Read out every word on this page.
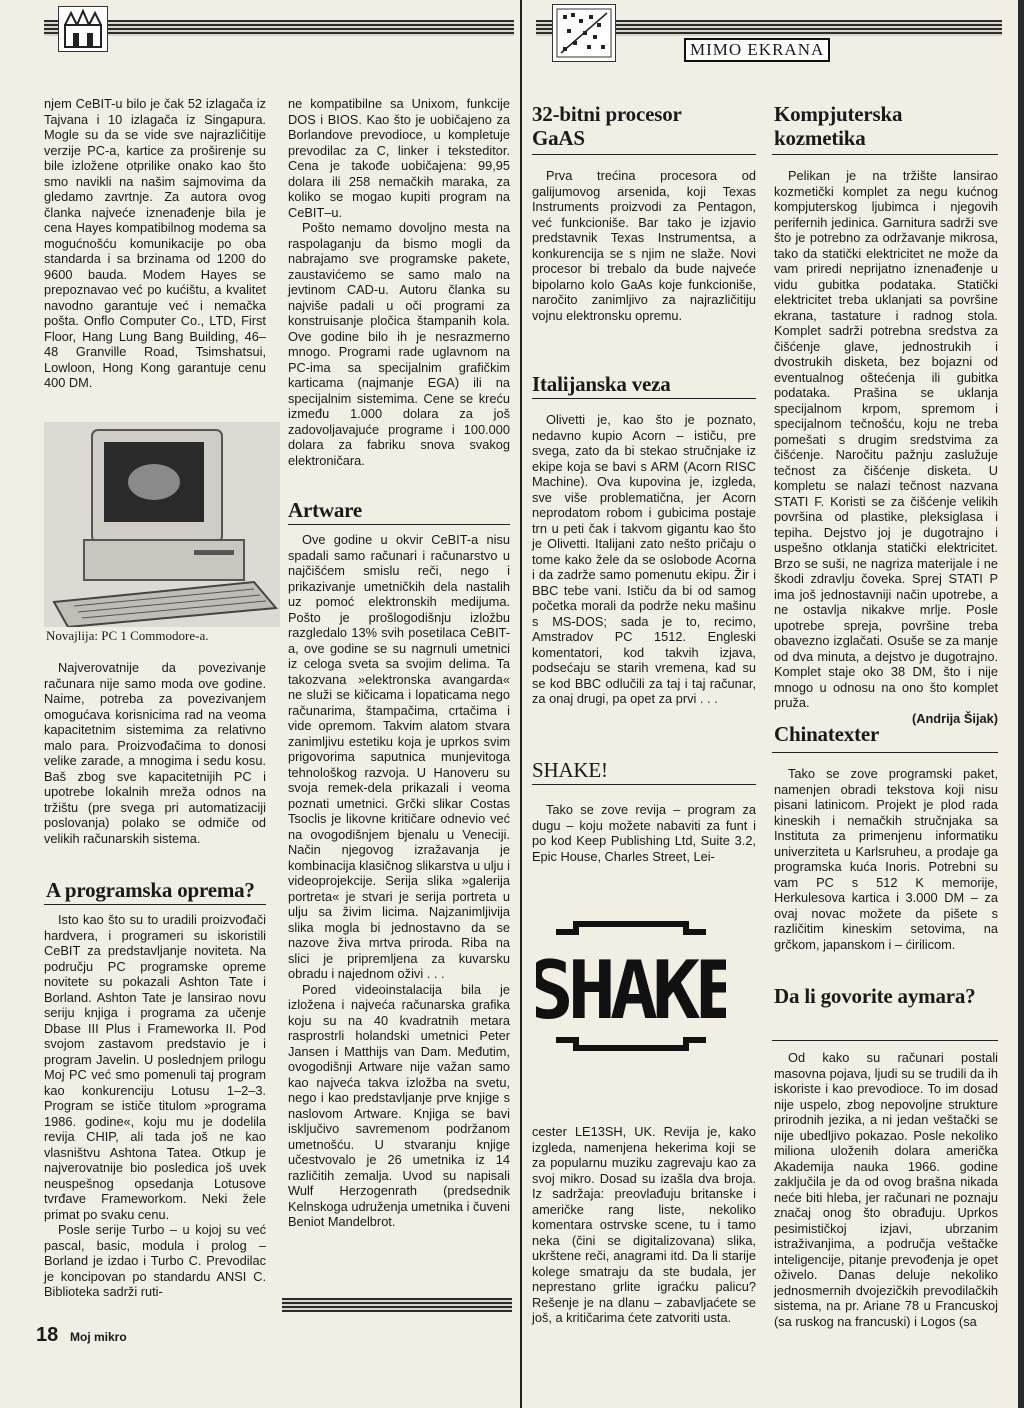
MIMO EKRANA

njem CeBIT-u bilo je čak 52 izlagača iz Tajvana i 10 izlagača iz Singapura. Mogle su da se vide sve najrazličitije verzije PC-a, kartice za proširenje su bile izložene otprilike onako kao što smo navikli na našim sajmovima da gledamo zavrtnje. Za autora ovog članka najveće iznenađenje bila je cena Hayes kompatibilnog modema sa mogućnošću komunikacije po oba standarda i sa brzinama od 1200 do 9600 bauda. Modem Hayes se prepoznavao već po kućištu, a kvalitet navodno garantuje već i nemačka pošta. Onflo Computer Co., LTD, First Floor, Hang Lung Bang Building, 46–48 Granville Road, Tsimshatsui, Lowloon, Hong Kong garantuje cenu 400 DM.

Novajlija: PC 1 Commodore-a.

Najverovatnije da povezivanje računara nije samo moda ove godine. Naime, potreba za povezivanjem omogućava korisnicima rad na veoma kapacitetnim sistemima za relativno malo para. Proizvođačima to donosi velike zarade, a mnogima i sedu kosu. Baš zbog sve kapacitetnijih PC i upotrebe lokalnih mreža odnos na tržištu (pre svega pri automatizaciji poslovanja) polako se odmiče od velikih računarskih sistema.

A programska oprema?

Isto kao što su to uradili proizvođači hardvera, i programeri su iskoristili CeBIT za predstavljanje noviteta. Na području PC programske opreme novitete su pokazali Ashton Tate i Borland. Ashton Tate je lansirao novu seriju knjiga i programa za učenje Dbase III Plus i Frameworka II. Pod svojom zastavom predstavio je i program Javelin. U poslednjem prilogu Moj PC već smo pomenuli taj program kao konkurenciju Lotusu 1–2–3. Program se ističe titulom »programa 1986. godine«, koju mu je dodelila revija CHIP, ali tada još ne kao vlasništvu Ashtona Tatea. Otkup je najverovatnije bio posledica još uvek neuspešnog opsedanja Lotusove tvrđave Frameworkom. Neki žele primat po svaku cenu.

Posle serije Turbo – u kojoj su već pascal, basic, modula i prolog – Borland je izdao i Turbo C. Prevodilac je koncipovan po standardu ANSI C. Biblioteka sadrži ruti-

ne kompatibilne sa Unixom, funkcije DOS i BIOS. Kao što je uobičajeno za Borlandove prevodioce, u kompletuje prevodilac za C, linker i teksteditor. Cena je takođe uobičajena: 99,95 dolara ili 258 nemačkih maraka, za koliko se mogao kupiti program na CeBIT–u.

Pošto nemamo dovoljno mesta na raspolaganju da bismo mogli da nabrajamo sve programske pakete, zaustavićemo se samo malo na jevtinom CAD-u. Autoru članka su najviše padali u oči programi za konstruisanje pločica štampanih kola. Ove godine bilo ih je nesrazmerno mnogo. Programi rade uglavnom na PC-ima sa specijalnim grafičkim karticama (najmanje EGA) ili na specijalnim sistemima. Cene se kreću između 1.000 dolara za još zadovoljavajuće programe i 100.000 dolara za fabriku snova svakog elektroničara.

Artware

Ove godine u okvir CeBIT-a nisu spadali samo računari i računarstvo u najčišćem smislu reči, nego i prikazivanje umetničkih dela nastalih uz pomoć elektronskih medijuma. Pošto je prošlogodišnju izložbu razgledalo 13% svih posetilaca CeBIT-a, ove godine se su nagrnuli umetnici iz celoga sveta sa svojim delima. Ta takozvana »elektronska avangarda« ne služi se kičicama i lopaticama nego računarima, štampačima, crtačima i vide opremom. Takvim alatom stvara zanimljivu estetiku koja je uprkos svim prigovorima saputnica munjevitoga tehnološkog razvoja. U Hanoveru su svoja remek-dela prikazali i veoma poznati umetnici. Grčki slikar Costas Tsoclis je likovne kritičare odnevio već na ovogodišnjem bjenalu u Veneciji. Način njegovog izražavanja je kombinacija klasičnog slikarstva u ulju i videoprojekcije. Serija slika »galerija portreta« je stvari je serija portreta u ulju sa živim licima. Najzanimljivija slika mogla bi jednostavno da se nazove živa mrtva priroda. Riba na slici je pripremljena za kuvarsku obradu i najednom oživi . . .

Pored videoinstalacija bila je izložena i najveća računarska grafika koju su na 40 kvadratnih metara rasprostrli holandski umetnici Peter Jansen i Matthijs van Dam. Međutim, ovogodišnji Artware nije važan samo kao najveća takva izložba na svetu, nego i kao predstavljanje prve knjige s naslovom Artware. Knjiga se bavi isključivo savremenom podržanom umetnošću. U stvaranju knjige učestvovalo je 26 umetnika iz 14 različitih zemalja. Uvod su napisali Wulf Herzogenrath (predsednik Kelnskoga udruženja umetnika i čuveni Beniot Mandelbrot.

32-bitni procesor GaAS

Prva trećina procesora od galijumovog arsenida, koji Texas Instruments proizvodi za Pentagon, već funkcioniše. Bar tako je izjavio predstavnik Texas Instrumentsa, a konkurencija se s njim ne slaže. Novi procesor bi trebalo da bude najveće bipolarno kolo GaAs koje funkcioniše, naročito zanimljivo za najrazličitiju vojnu elektronsku opremu.

Italijanska veza

Olivetti je, kao što je poznato, nedavno kupio Acorn – ističu, pre svega, zato da bi stekao stručnjake iz ekipe koja se bavi s ARM (Acorn RISC Machine). Ova kupovina je, izgleda, sve više problematična, jer Acorn neprodatom robom i gubicima postaje trn u peti čak i takvom gigantu kao što je Olivetti. Italijani zato nešto pričaju o tome kako žele da se oslobode Acorna i da zadrže samo pomenutu ekipu. Žir i BBC tebe vani. Ističu da bi od samog početka morali da podrže neku mašinu s MS-DOS; sada je to, recimo, Amstradov PC 1512. Engleski komentatori, kod takvih izjava, podsećaju se starih vremena, kad su se kod BBC odlučili za taj i taj računar, za onaj drugi, pa opet za prvi . . .

SHAKE!

Tako se zove revija – program za dugu – koju možete nabaviti za funt i po kod Keep Publishing Ltd, Suite 3.2, Epic House, Charles Street, Lei-

SHAKE

cester LE13SH, UK. Revija je, kako izgleda, namenjena hekerima koji se za popularnu muziku zagrevaju kao za svoj mikro. Dosad su izašla dva broja. Iz sadržaja: preovlađuju britanske i američke rang liste, nekoliko komentara ostrvske scene, tu i tamo neka (čini se digitalizovana) slika, ukrštene reči, anagrami itd. Da li starije kolege smatraju da ste budala, jer neprestano grlite igraćku palicu? Rešenje je na dlanu – zabavljaćete se još, a kritičarima ćete zatvoriti usta.

Kompjuterska kozmetika

Pelikan je na tržište lansirao kozmetički komplet za negu kućnog kompjuterskog ljubimca i njegovih perifernih jedinica. Garnitura sadrži sve što je potrebno za održavanje mikrosa, tako da statički elektricitet ne može da vam priredi neprijatno iznenađenje u vidu gubitka podataka. Statički elektricitet treba uklanjati sa površine ekrana, tastature i radnog stola. Komplet sadrži potrebna sredstva za čišćenje glave, jednostrukih i dvostrukih disketa, bez bojazni od eventualnog oštećenja ili gubitka podataka. Prašina se uklanja specijalnom krpom, spremom i specijalnom tečnošću, koju ne treba pomešati s drugim sredstvima za čišćenje. Naročitu pažnju zaslužuje tečnost za čišćenje disketa. U kompletu se nalazi tečnost nazvana STATI F. Koristi se za čišćenje velikih površina od plastike, pleksiglasa i tepiha. Dejstvo joj je dugotrajno i uspešno otklanja statički elektricitet. Brzo se suši, ne nagriza materijale i ne škodi zdravlju čoveka. Sprej STATI P ima još jednostavniji način upotrebe, a ne ostavlja nikakve mrlje. Posle upotrebe spreja, površine treba obavezno izglačati. Osuše se za manje od dva minuta, a dejstvo je dugotrajno. Komplet staje oko 38 DM, što i nije mnogo u odnosu na ono što komplet pruža.

(Andrija Šijak)

Chinatexter

Tako se zove programski paket, namenjen obradi tekstova koji nisu pisani latinicom. Projekt je plod rada kineskih i nemačkih stručnjaka sa Instituta za primenjenu informatiku univerziteta u Karlsruheu, a prodaje ga programska kuća Inoris. Potrebni su vam PC s 512 K memorije, Herkulesova kartica i 3.000 DM – za ovaj novac možete da pišete s različitim kineskim setovima, na grčkom, japanskom i – ćirilicom.

Da li govorite aymara?

Od kako su računari postali masovna pojava, ljudi su se trudili da ih iskoriste i kao prevodioce. To im dosad nije uspelo, zbog nepovoljne strukture prirodnih jezika, a ni jedan veštački se nije ubedljivo pokazao. Posle nekoliko miliona uloženih dolara američka Akademija nauka 1966. godine zaključila je da od ovog brašna nikada neće biti hleba, jer računari ne poznaju značaj onog što obrađuju. Uprkos pesimističkoj izjavi, ubrzanim istraživanjima, a područja veštačke inteligencije, pitanje prevođenja je opet oživelo. Danas deluje nekoliko jednosmernih dvojezičkih prevodilačkih sistema, na pr. Ariane 78 u Francuskoj (sa ruskog na francuski) i Logos (sa

18 Moj mikro
